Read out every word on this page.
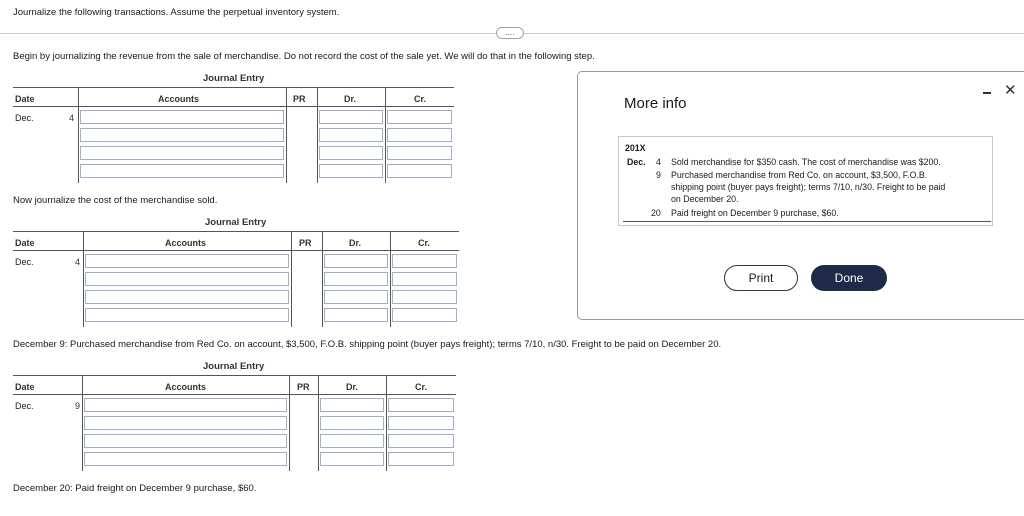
Journalize the following transactions. Assume the perpetual inventory system.
....
Begin by journalizing the revenue from the sale of merchandise. Do not record the cost of the sale yet. We will do that in the following step.
Journal Entry
Date	Accounts	PR	Dr.	Cr.
Dec.	4
Now journalize the cost of the merchandise sold.
Journal Entry
Date	Accounts	PR	Dr.	Cr.
Dec.	4
December 9: Purchased merchandise from Red Co. on account, $3,500, F.O.B. shipping point (buyer pays freight); terms 7/10, n/30. Freight to be paid on December 20.
Journal Entry
Date	Accounts	PR	Dr.	Cr.
Dec.	9
December 20: Paid freight on December 9 purchase, $60.
More info
✕
201X
Dec. 4 Sold merchandise for $350 cash. The cost of merchandise was $200.
9 Purchased merchandise from Red Co. on account, $3,500, F.O.B.
shipping point (buyer pays freight); terms 7/10, n/30. Freight to be paid
on December 20.
20 Paid freight on December 9 purchase, $60.
Print	Done
